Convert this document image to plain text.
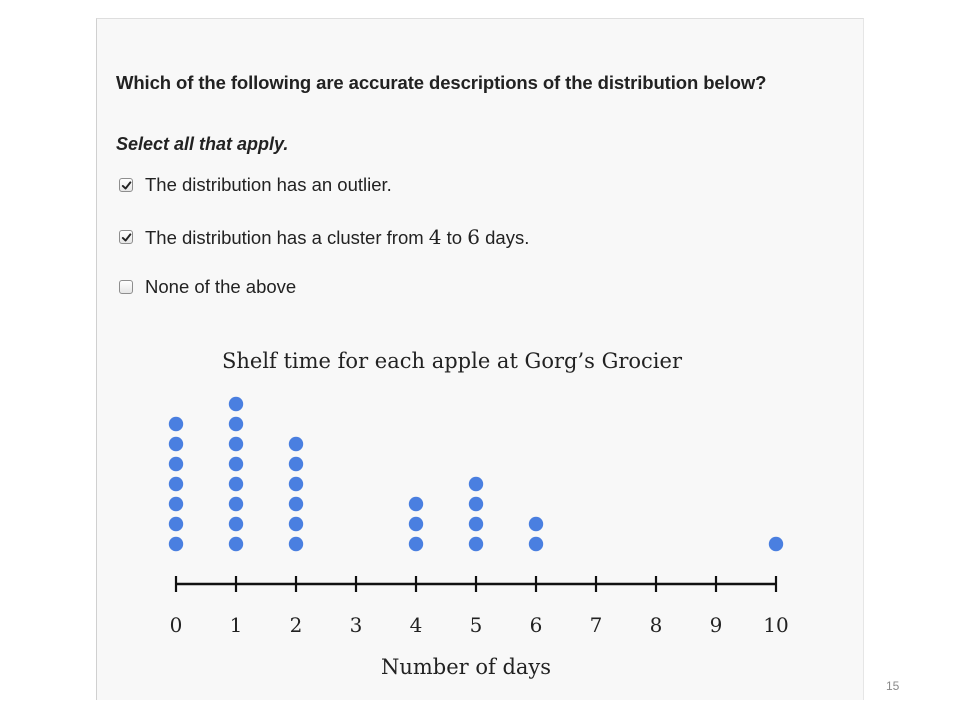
Which of the following are accurate descriptions of the distribution below?
Select all that apply.
The distribution has an outlier.
The distribution has a cluster from 4 to 6 days.
None of the above
Shelf time for each apple at Gorg’s Grocier
0 1 2 3 4 5 6 7 8 9 10
Number of days
15
